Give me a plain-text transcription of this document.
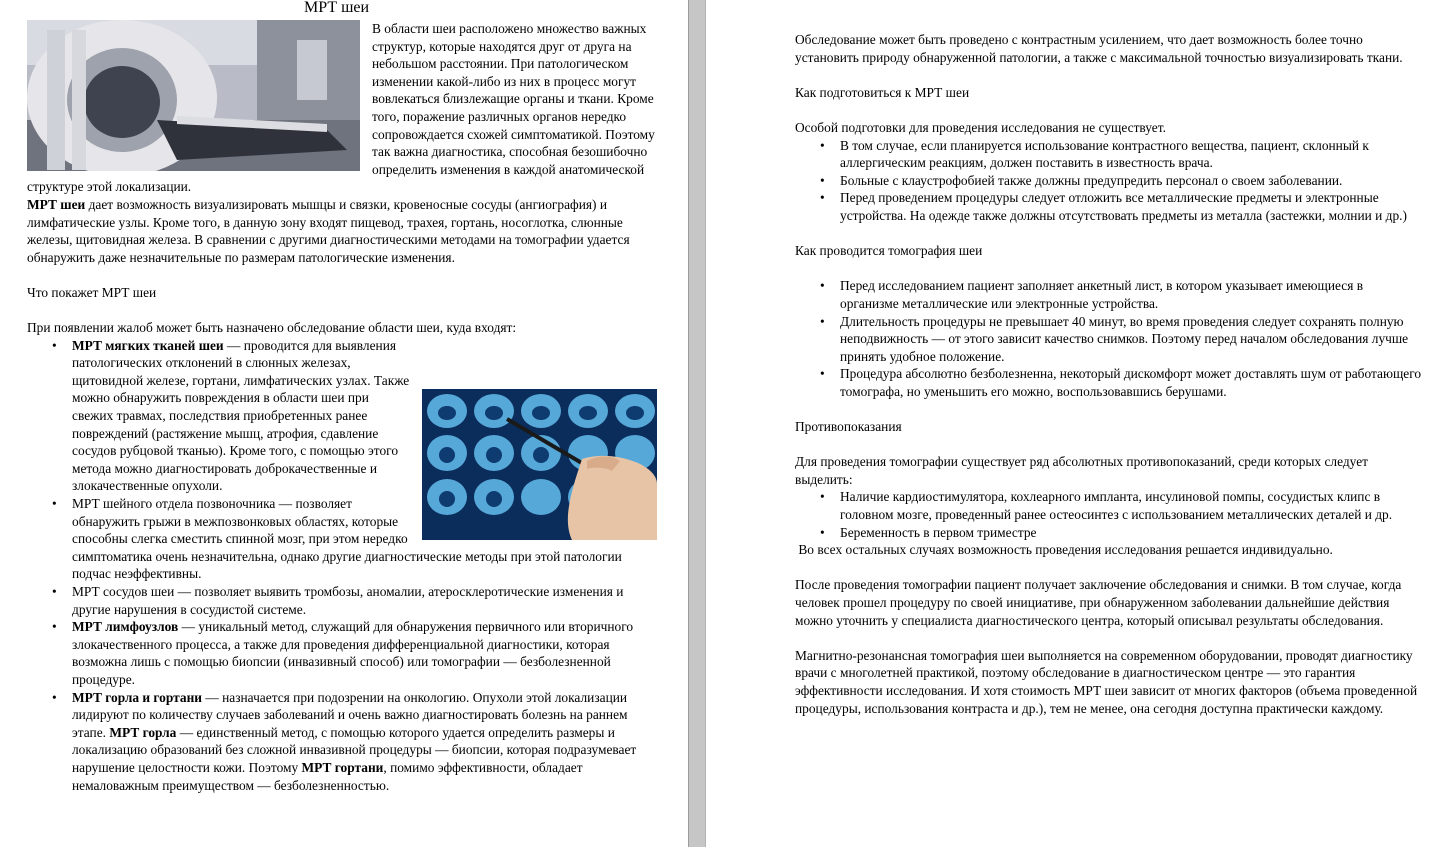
МРТ шеи

В области шеи расположено множество важных структур, которые находятся друг от друга на небольшом расстоянии. При патологическом изменении какой-либо из них в процесс могут вовлекаться близлежащие органы и ткани. Кроме того, поражение различных органов нередко сопровождается схожей симптоматикой. Поэтому так важна диагностика, способная безошибочно определить изменения в каждой анатомической структуре этой локализации.

МРТ шеи дает возможность визуализировать мышцы и связки, кровеносные сосуды (ангиография) и лимфатические узлы. Кроме того, в данную зону входят пищевод, трахея, гортань, носоглотка, слюнные железы, щитовидная железа. В сравнении с другими диагностическими методами на томографии удается обнаружить даже незначительные по размерам патологические изменения.

Что покажет МРТ шеи

При появлении жалоб может быть назначено обследование области шеи, куда входят:

• МРТ мягких тканей шеи — проводится для выявления патологических отклонений в слюнных железах, щитовидной железе, гортани, лимфатических узлах. Также можно обнаружить повреждения в области шеи при свежих травмах, последствия приобретенных ранее повреждений (растяжение мышц, атрофия, сдавление сосудов рубцовой тканью). Кроме того, с помощью этого метода можно диагностировать доброкачественные и злокачественные опухоли.
• МРТ шейного отдела позвоночника — позволяет обнаружить грыжи в межпозвонковых областях, которые способны слегка сместить спинной мозг, при этом нередко симптоматика очень незначительна, однако другие диагностические методы при этой патологии подчас неэффективны.
• МРТ сосудов шеи — позволяет выявить тромбозы, аномалии, атеросклеротические изменения и другие нарушения в сосудистой системе.
• МРТ лимфоузлов — уникальный метод, служащий для обнаружения первичного или вторичного злокачественного процесса, а также для проведения дифференциальной диагностики, которая возможна лишь с помощью биопсии (инвазивный способ) или томографии — безболезненной процедуре.
• МРТ горла и гортани — назначается при подозрении на онкологию. Опухоли этой локализации лидируют по количеству случаев заболеваний и очень важно диагностировать болезнь на раннем этапе. МРТ горла — единственный метод, с помощью которого удается определить размеры и локализацию образований без сложной инвазивной процедуры — биопсии, которая подразумевает нарушение целостности кожи. Поэтому МРТ гортани, помимо эффективности, обладает немаловажным преимуществом — безболезненностью.

Обследование может быть проведено с контрастным усилением, что дает возможность более точно установить природу обнаруженной патологии, а также с максимальной точностью визуализировать ткани.

Как подготовиться к МРТ шеи

Особой подготовки для проведения исследования не существует.

• В том случае, если планируется использование контрастного вещества, пациент, склонный к аллергическим реакциям, должен поставить в известность врача.
• Больные с клаустрофобией также должны предупредить персонал о своем заболевании.
• Перед проведением процедуры следует отложить все металлические предметы и электронные устройства. На одежде также должны отсутствовать предметы из металла (застежки, молнии и др.)

Как проводится томография шеи

• Перед исследованием пациент заполняет анкетный лист, в котором указывает имеющиеся в организме металлические или электронные устройства.
• Длительность процедуры не превышает 40 минут, во время проведения следует сохранять полную неподвижность — от этого зависит качество снимков. Поэтому перед началом обследования лучше принять удобное положение.
• Процедура абсолютно безболезненна, некоторый дискомфорт может доставлять шум от работающего томографа, но уменьшить его можно, воспользовавшись берушами.

Противопоказания

Для проведения томографии существует ряд абсолютных противопоказаний, среди которых следует выделить:

• Наличие кардиостимулятора, кохлеарного импланта, инсулиновой помпы, сосудистых клипс в головном мозге, проведенный ранее остеосинтез с использованием металлических деталей и др.
• Беременность в первом триместре

Во всех остальных случаях возможность проведения исследования решается индивидуально.

После проведения томографии пациент получает заключение обследования и снимки. В том случае, когда человек прошел процедуру по своей инициативе, при обнаруженном заболевании дальнейшие действия можно уточнить у специалиста диагностического центра, который описывал результаты обследования.

Магнитно-резонансная томография шеи выполняется на современном оборудовании, проводят диагностику врачи с многолетней практикой, поэтому обследование в диагностическом центре — это гарантия эффективности исследования. И хотя стоимость МРТ шеи зависит от многих факторов (объема проведенной процедуры, использования контраста и др.), тем не менее, она сегодня доступна практически каждому.
